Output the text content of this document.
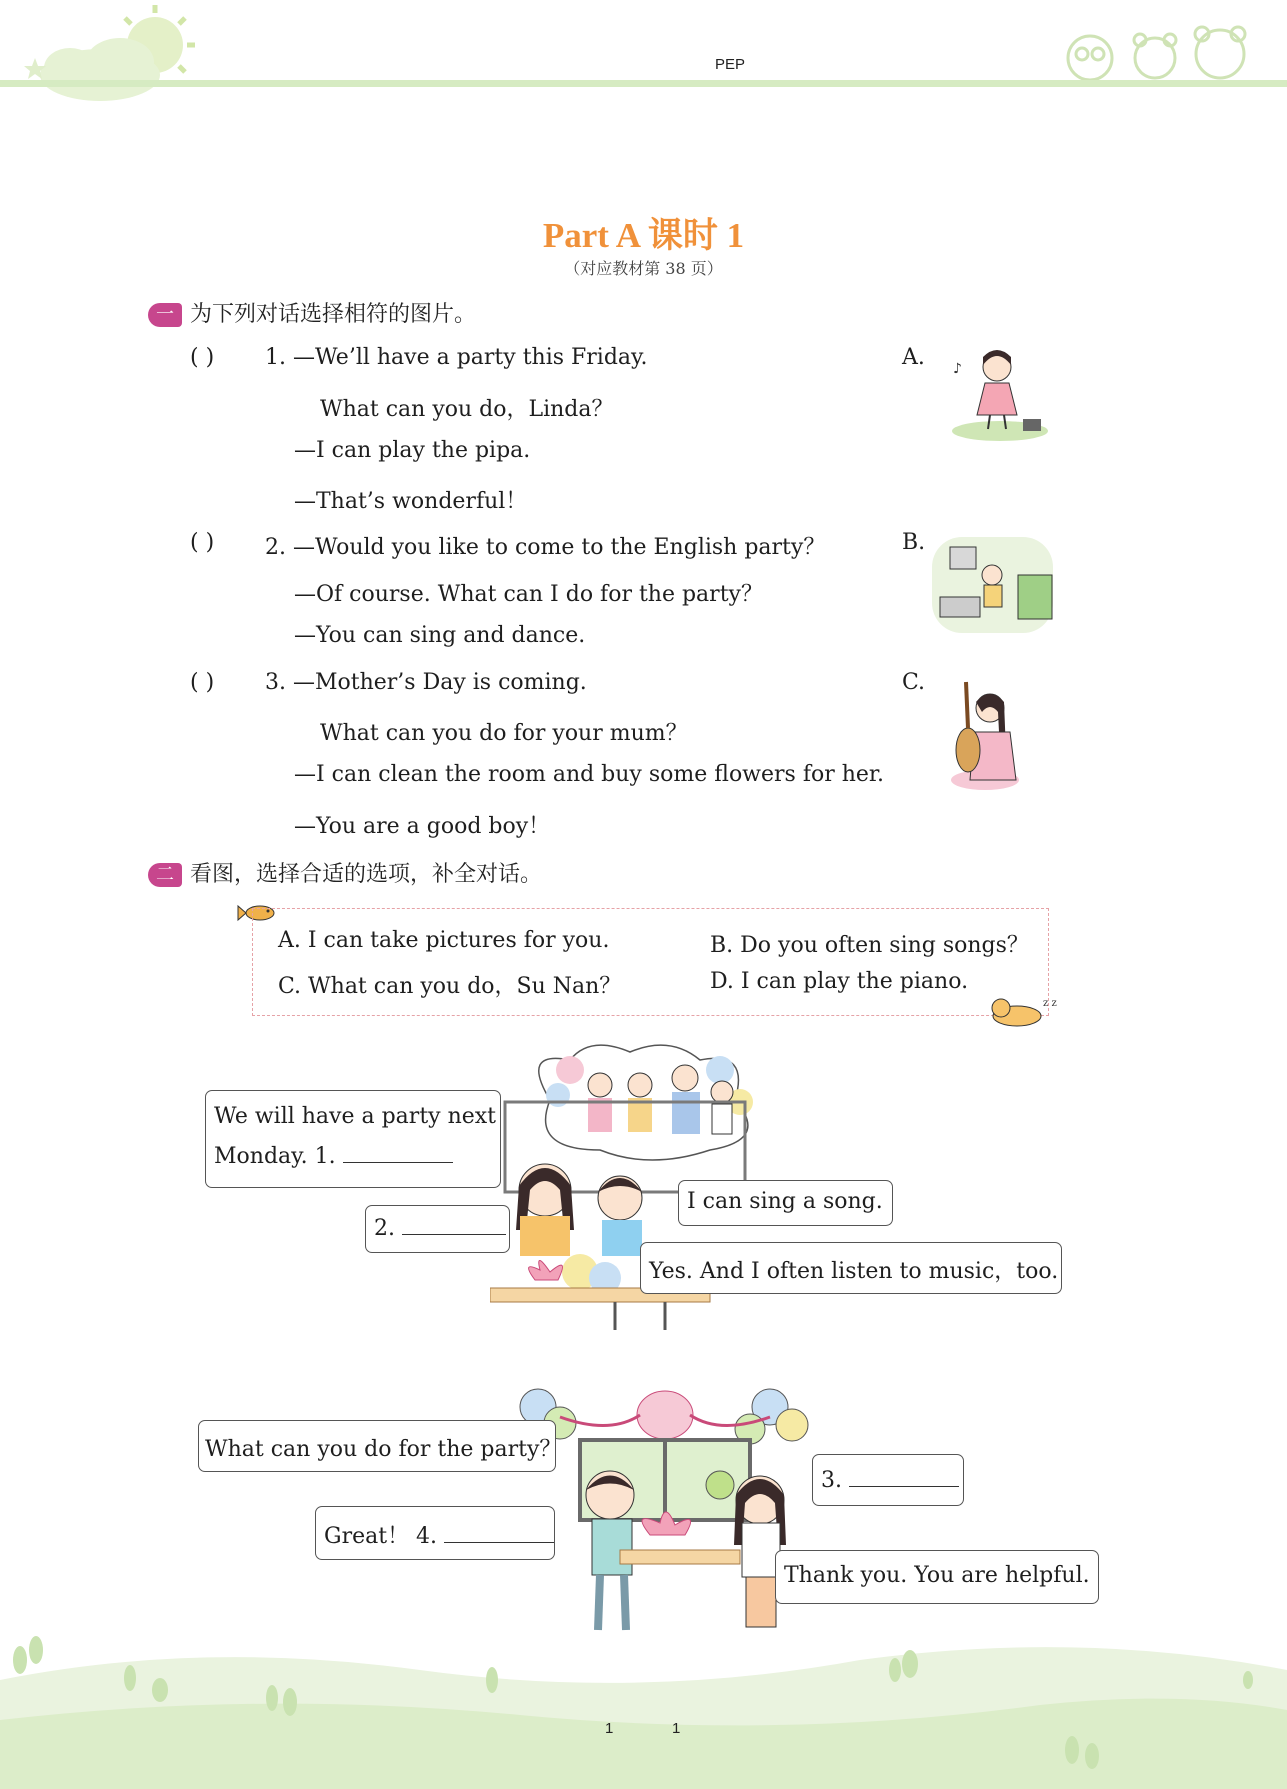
PEP
Part A 课时 1
（对应教材第 38 页）
一 为下列对话选择相符的图片。
( ) 1. —We’ll have a party this Friday.
What can you do，Linda？
—I can play the pipa.
—That’s wonderful！
( ) 2. —Would you like to come to the English party？
—Of course. What can I do for the party？
—You can sing and dance.
( ) 3. —Mother’s Day is coming.
What can you do for your mum？
—I can clean the room and buy some flowers for her.
—You are a good boy！
A. ♪
B.
C.
二 看图，选择合适的选项，补全对话。
A. I can take pictures for you.	B. Do you often sing songs？
C. What can you do，Su Nan？	D. I can play the piano.
z z
We will have a party next
Monday. 1.
2.
I can sing a song.
Yes. And I often listen to music，too.
What can you do for the party？
Great！ 4.
3.
Thank you. You are helpful.
1	1
